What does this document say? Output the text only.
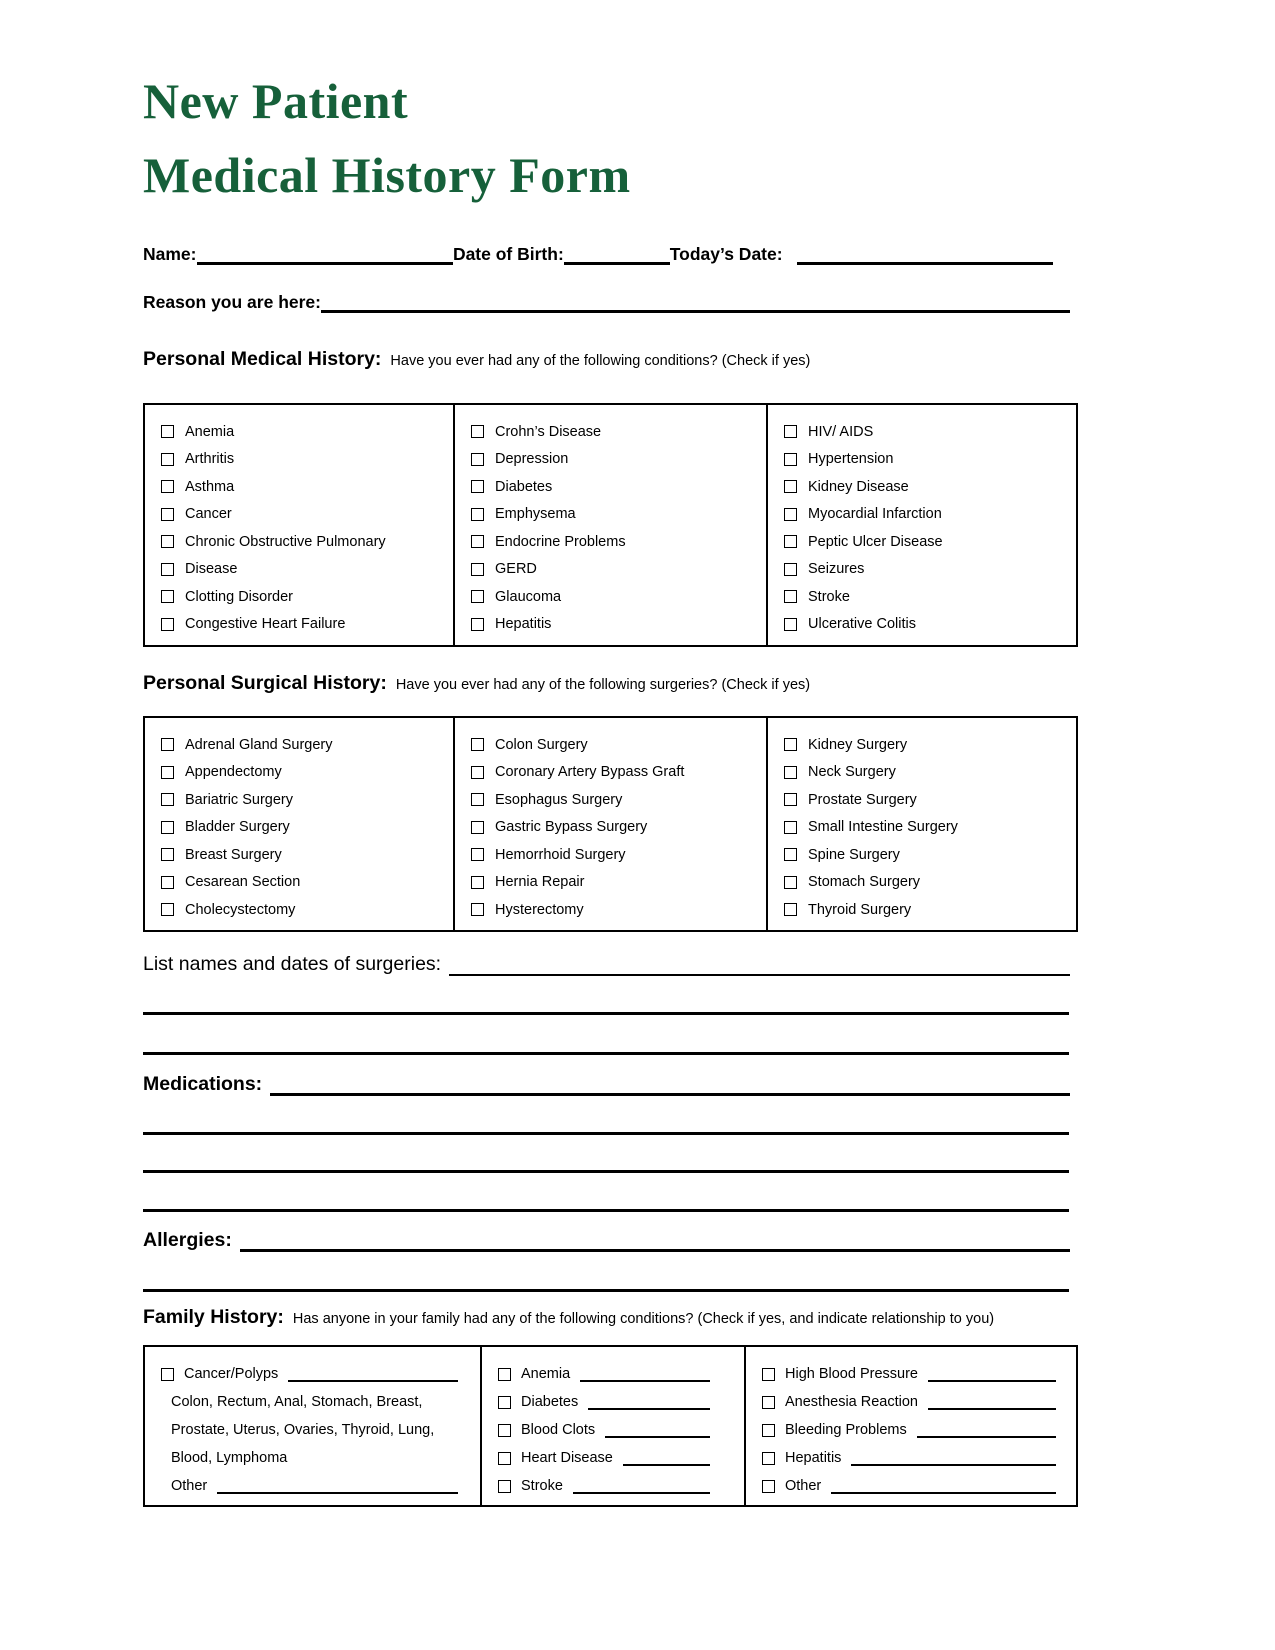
New Patient
Medical History Form
Name:	Date of Birth:	Today’s Date:
Reason you are here:
Personal Medical History: Have you ever had any of the following conditions? (Check if yes)
Anemia
Arthritis
Asthma
Cancer
Chronic Obstructive Pulmonary
Disease
Clotting Disorder
Congestive Heart Failure
Crohn’s Disease
Depression
Diabetes
Emphysema
Endocrine Problems
GERD
Glaucoma
Hepatitis
HIV/ AIDS
Hypertension
Kidney Disease
Myocardial Infarction
Peptic Ulcer Disease
Seizures
Stroke
Ulcerative Colitis
Personal Surgical History: Have you ever had any of the following surgeries? (Check if yes)
Adrenal Gland Surgery
Appendectomy
Bariatric Surgery
Bladder Surgery
Breast Surgery
Cesarean Section
Cholecystectomy
Colon Surgery
Coronary Artery Bypass Graft
Esophagus Surgery
Gastric Bypass Surgery
Hemorrhoid Surgery
Hernia Repair
Hysterectomy
Kidney Surgery
Neck Surgery
Prostate Surgery
Small Intestine Surgery
Spine Surgery
Stomach Surgery
Thyroid Surgery
List names and dates of surgeries:
Medications:
Allergies:
Family History: Has anyone in your family had any of the following conditions? (Check if yes, and indicate relationship to you)
Cancer/Polyps
Colon, Rectum, Anal, Stomach, Breast,
Prostate, Uterus, Ovaries, Thyroid, Lung,
Blood, Lymphoma
Other
Anemia
Diabetes
Blood Clots
Heart Disease
Stroke
High Blood Pressure
Anesthesia Reaction
Bleeding Problems
Hepatitis
Other
